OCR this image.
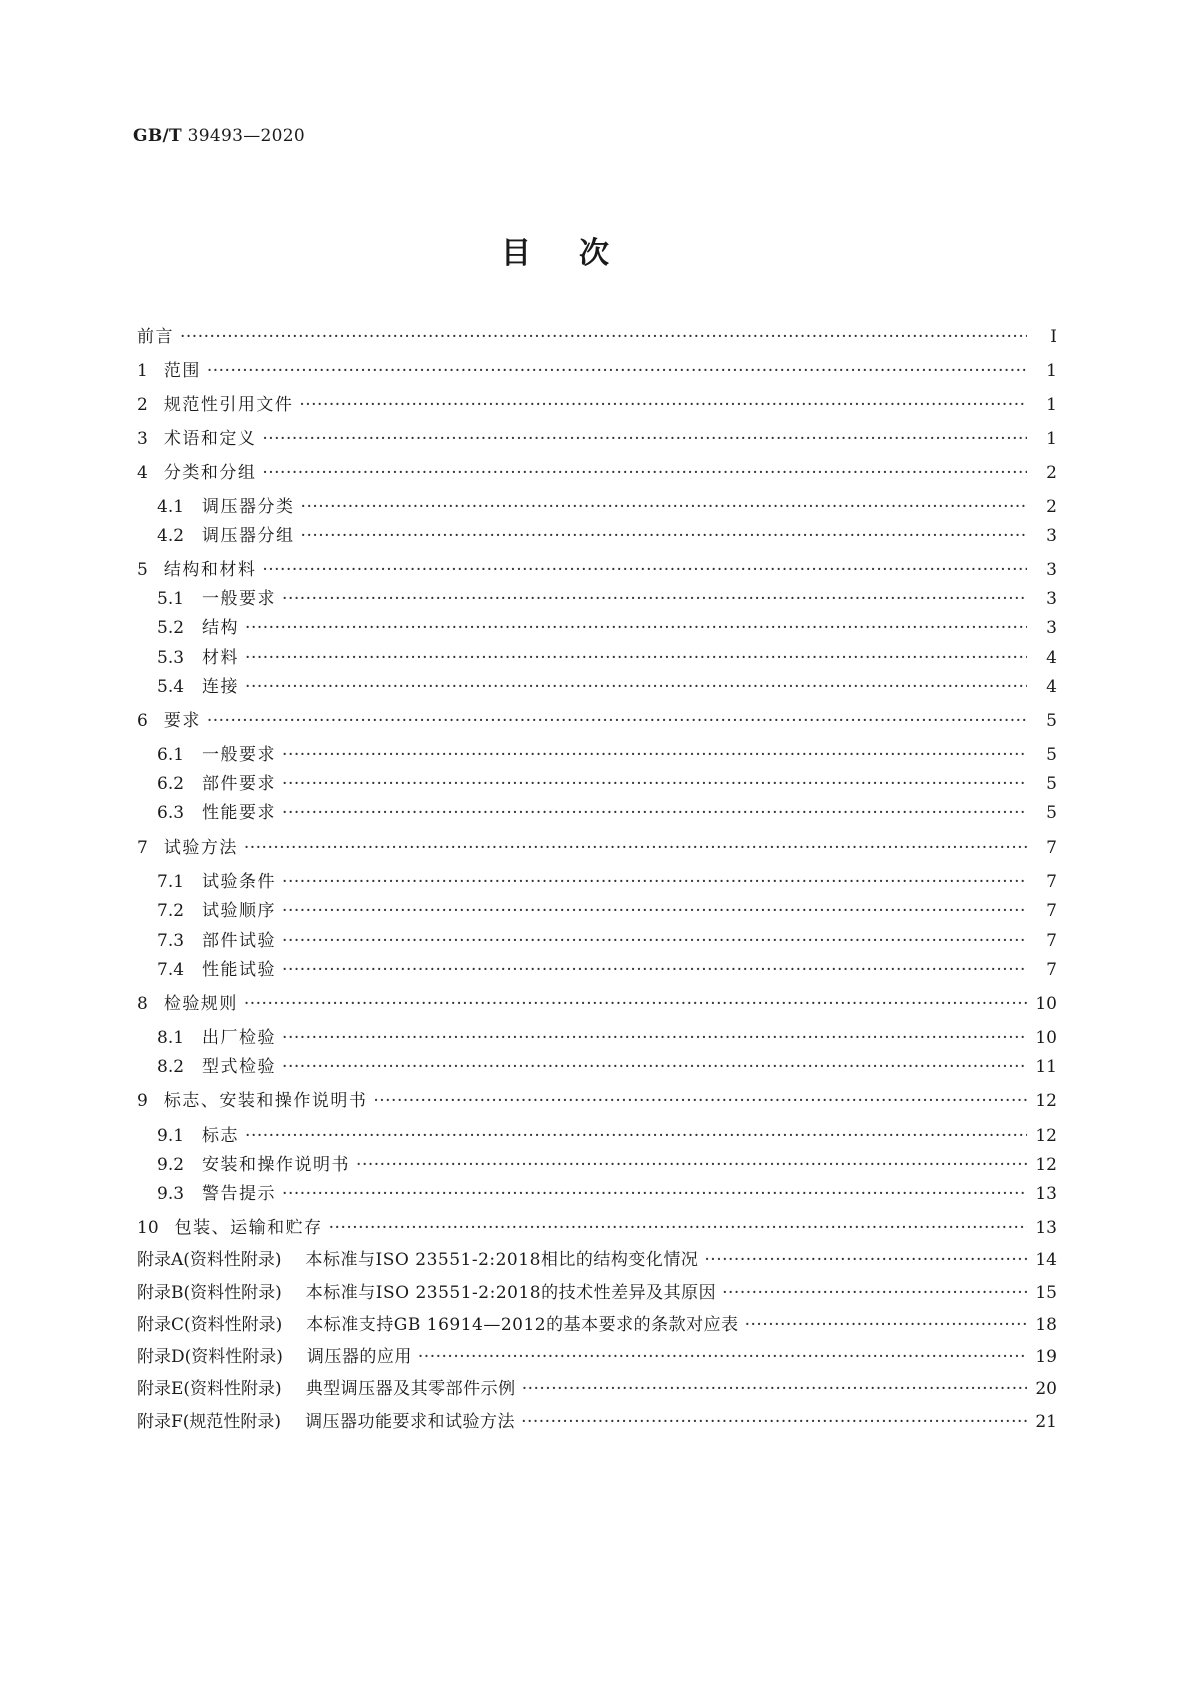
GB/T 39493—2020
目次
前言 ·····	Ⅰ
1 范围 ·····	1
2 规范性引用文件 ·····	1
3 术语和定义 ·····	1
4 分类和分组 ·····	2
4.1 调压器分类 ·····	2
4.2 调压器分组 ·····	3
5 结构和材料 ·····	3
5.1 一般要求 ·····	3
5.2 结构 ·····	3
5.3 材料 ·····	4
5.4 连接 ·····	4
6 要求 ·····	5
6.1 一般要求 ·····	5
6.2 部件要求 ·····	5
6.3 性能要求 ·····	5
7 试验方法 ·····	7
7.1 试验条件 ·····	7
7.2 试验顺序 ·····	7
7.3 部件试验 ·····	7
7.4 性能试验 ·····	7
8 检验规则 ·····	10
8.1 出厂检验 ·····	10
8.2 型式检验 ·····	11
9 标志、安装和操作说明书 ·····	12
9.1 标志 ·····	12
9.2 安装和操作说明书 ·····	12
9.3 警告提示 ·····	13
10 包装、运输和贮存 ·····	13
附录A(资料性附录) 本标准与ISO 23551-2:2018相比的结构变化情况 ·····	14
附录B(资料性附录) 本标准与ISO 23551-2:2018的技术性差异及其原因 ·····	15
附录C(资料性附录) 本标准支持GB 16914—2012的基本要求的条款对应表 ·····	18
附录D(资料性附录) 调压器的应用 ·····	19
附录E(资料性附录) 典型调压器及其零部件示例 ·····	20
附录F(规范性附录) 调压器功能要求和试验方法 ·····	21
